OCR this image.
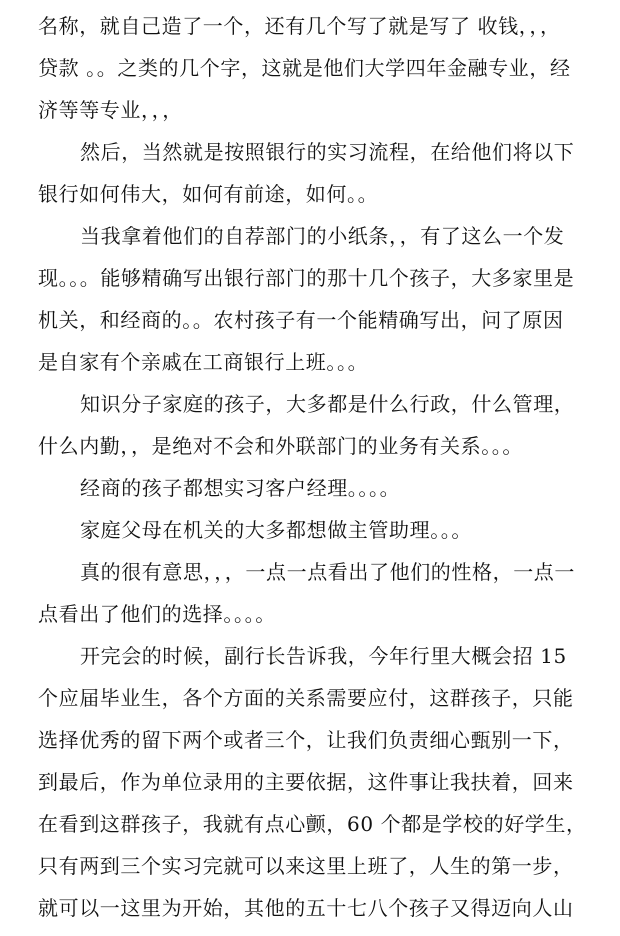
名称，就自己造了一个，还有几个写了就是写了 收钱，，，
贷款 。。之类的几个字，这就是他们大学四年金融专业，经
济等等专业，，，
然后，当然就是按照银行的实习流程，在给他们将以下
银行如何伟大，如何有前途，如何。。
当我拿着他们的自荐部门的小纸条，，有了这么一个发
现。。。能够精确写出银行部门的那十几个孩子，大多家里是
机关，和经商的。。农村孩子有一个能精确写出，问了原因
是自家有个亲戚在工商银行上班。。。
知识分子家庭的孩子，大多都是什么行政，什么管理，
什么内勤，，是绝对不会和外联部门的业务有关系。。。
经商的孩子都想实习客户经理。。。。
家庭父母在机关的大多都想做主管助理。。。
真的很有意思，，，一点一点看出了他们的性格，一点一
点看出了他们的选择。。。。
开完会的时候，副行长告诉我，今年行里大概会招 15
个应届毕业生，各个方面的关系需要应付，这群孩子，只能
选择优秀的留下两个或者三个，让我们负责细心甄别一下，
到最后，作为单位录用的主要依据，这件事让我扶着，回来
在看到这群孩子，我就有点心颤，60 个都是学校的好学生，
只有两到三个实习完就可以来这里上班了，人生的第一步，
就可以一这里为开始，其他的五十七八个孩子又得迈向人山
